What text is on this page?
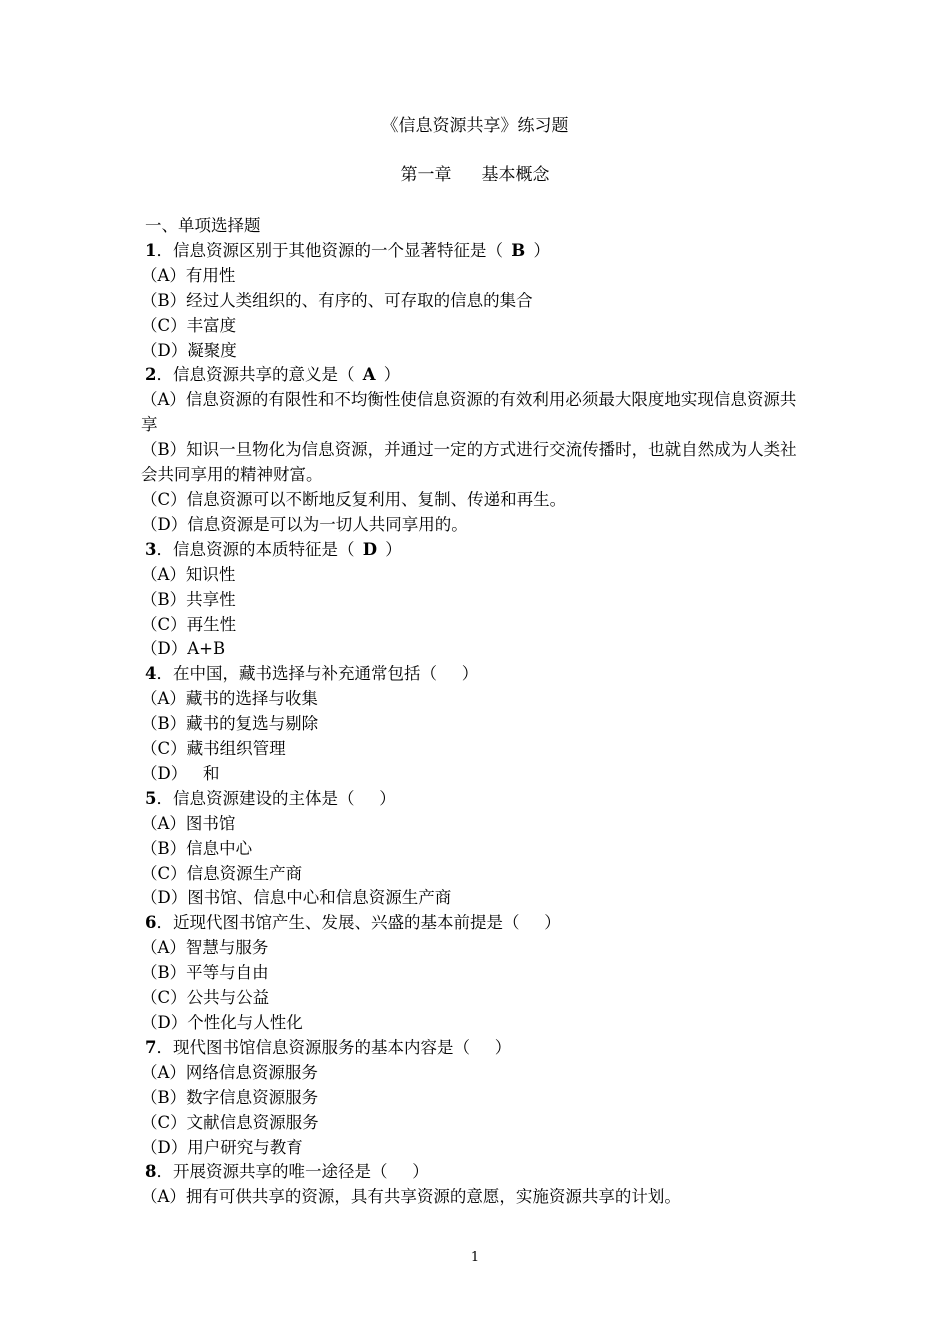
《信息资源共享》练习题
第一章 基本概念
一、单项选择题
1．信息资源区别于其他资源的一个显著特征是（  B  ）
（A）有用性
（B）经过人类组织的、有序的、可存取的信息的集合
（C）丰富度
（D）凝聚度
2．信息资源共享的意义是（  A  ）
（A）信息资源的有限性和不均衡性使信息资源的有效利用必须最大限度地实现信息资源共享
（B）知识一旦物化为信息资源，并通过一定的方式进行交流传播时，也就自然成为人类社会共同享用的精神财富。
（C）信息资源可以不断地反复利用、复制、传递和再生。
（D）信息资源是可以为一切人共同享用的。
3．信息资源的本质特征是（  D  ）
（A）知识性
（B）共享性
（C）再生性
（D）A+B
4．在中国，藏书选择与补充通常包括（   ）
（A）藏书的选择与收集
（B）藏书的复选与剔除
（C）藏书组织管理
（D）   和
5．信息资源建设的主体是（   ）
（A）图书馆
（B）信息中心
（C）信息资源生产商
（D）图书馆、信息中心和信息资源生产商
6．近现代图书馆产生、发展、兴盛的基本前提是（   ）
（A）智慧与服务
（B）平等与自由
（C）公共与公益
（D）个性化与人性化
7．现代图书馆信息资源服务的基本内容是（   ）
（A）网络信息资源服务
（B）数字信息资源服务
（C）文献信息资源服务
（D）用户研究与教育
8．开展资源共享的唯一途径是（   ）
（A）拥有可供共享的资源，具有共享资源的意愿，实施资源共享的计划。
1
